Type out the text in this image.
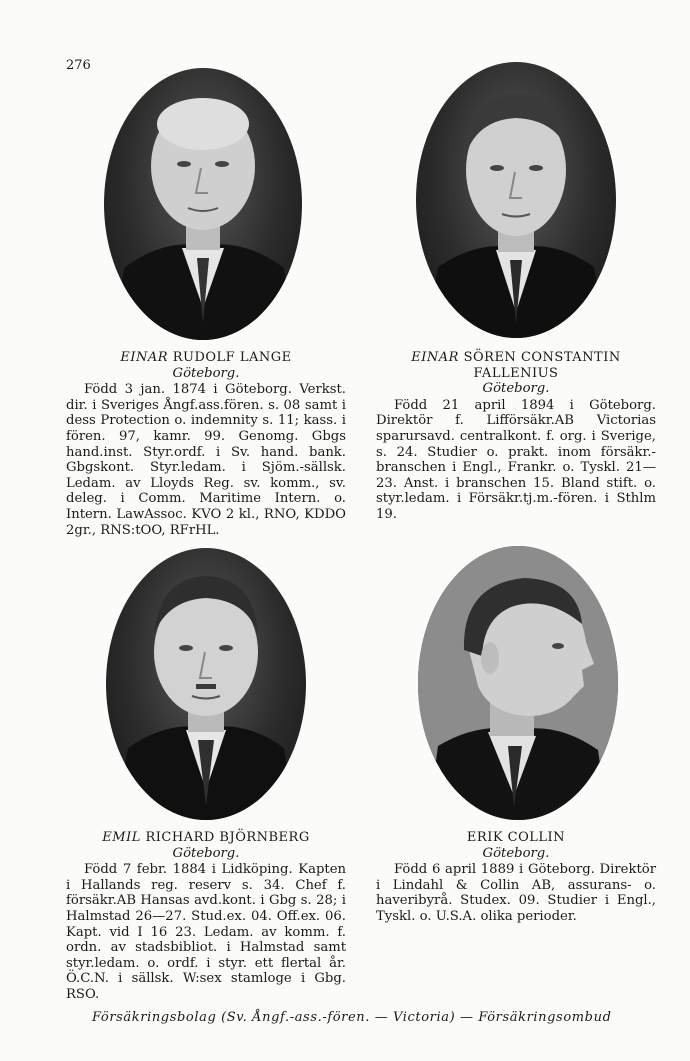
276
EINAR RUDOLF LANGE
Göteborg.
Född 3 jan. 1874 i Göteborg. Verkst. dir. i Sveriges Ångf.ass.fören. s. 08 samt i dess Protection o. indemnity s. 11; kass. i fören. 97, kamr. 99. Genomg. Gbgs hand.inst. Styr.ordf. i Sv. hand. bank. Gbgskont. Styr.ledam. i Sjöm.-sällsk. Ledam. av Lloyds Reg. sv. komm., sv. deleg. i Comm. Maritime Intern. o. Intern. LawAssoc. KVO 2 kl., RNO, KDDO 2gr., RNS:tOO, RFrHL.
EINAR SÖREN CONSTANTIN FALLENIUS
Göteborg.
Född 21 april 1894 i Göteborg. Direktör f. Lifförsäkr.AB Victorias sparursavd. centralkont. f. org. i Sverige, s. 24. Studier o. prakt. inom försäkr.-branschen i Engl., Frankr. o. Tyskl. 21—23. Anst. i branschen 15. Bland stift. o. styr.ledam. i Försäkr.tj.m.-fören. i Sthlm 19.
EMIL RICHARD BJÖRNBERG
Göteborg.
Född 7 febr. 1884 i Lidköping. Kapten i Hallands reg. reserv s. 34. Chef f. försäkr.AB Hansas avd.kont. i Gbg s. 28; i Halmstad 26—27. Stud.ex. 04. Off.ex. 06. Kapt. vid I 16 23. Ledam. av komm. f. ordn. av stadsbibliot. i Halmstad samt styr.ledam. o. ordf. i styr. ett flertal år. Ö.C.N. i sällsk. W:sex stamloge i Gbg. RSO.
ERIK COLLIN
Göteborg.
Född 6 april 1889 i Göteborg. Direktör i Lindahl & Collin AB, assurans- o. haveribyrå. Studex. 09. Studier i Engl., Tyskl. o. U.S.A. olika perioder.
Försäkringsbolag (Sv. Ångf.-ass.-fören. — Victoria) — Försäkringsombud
